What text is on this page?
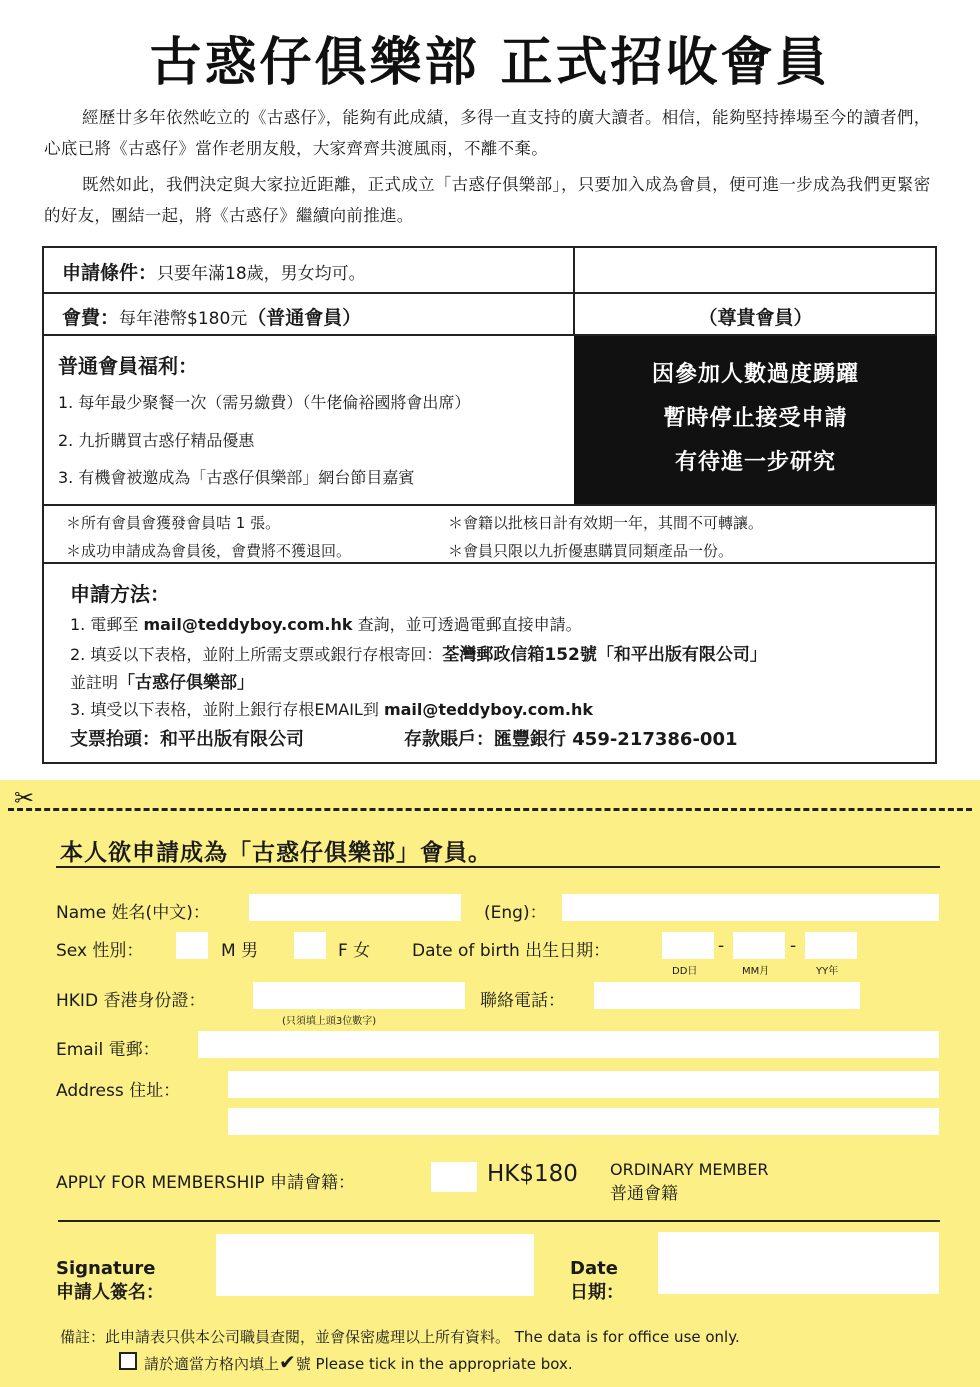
古惑仔俱樂部 正式招收會員

經歷廿多年依然屹立的《古惑仔》，能夠有此成績，多得一直支持的廣大讀者。相信，能夠堅持捧場至今的讀者們，心底已將《古惑仔》當作老朋友般，大家齊齊共渡風雨，不離不棄。

既然如此，我們決定與大家拉近距離，正式成立「古惑仔俱樂部」，只要加入成為會員，便可進一步成為我們更緊密的好友，團結一起，將《古惑仔》繼續向前推進。

申請條件：只要年滿18歲，男女均可。
會費：每年港幣$180元（普通會員）	（尊貴會員）
普通會員福利：
1. 每年最少聚餐一次（需另繳費）（牛佬倫裕國將會出席）
2. 九折購買古惑仔精品優惠
3. 有機會被邀成為「古惑仔俱樂部」網台節目嘉賓
因參加人數過度踴躍
暫時停止接受申請
有待進一步研究
＊所有會員會獲發會員咭 1 張。	＊會籍以批核日計有效期一年，其間不可轉讓。
＊成功申請成為會員後，會費將不獲退回。	＊會員只限以九折優惠購買同類產品一份。
申請方法：
1. 電郵至 mail@teddyboy.com.hk 查詢，並可透過電郵直接申請。
2. 填妥以下表格，並附上所需支票或銀行存根寄回：荃灣郵政信箱152號「和平出版有限公司」
並註明「古惑仔俱樂部」
3. 填受以下表格，並附上銀行存根EMAIL到 mail@teddyboy.com.hk
支票抬頭：和平出版有限公司	存款賬戶：匯豐銀行 459-217386-001
✂
本人欲申請成為「古惑仔俱樂部」會員。
Name 姓名(中文)：	(Eng)：
Sex 性別：	M 男	F 女 Date of birth 出生日期：	-	-
DD日	MM月	YY年
HKID 香港身份證：
(只須填上頭3位數字)
聯絡電話：
Email 電郵：
Address 住址：
APPLY FOR MEMBERSHIP 申請會籍：	HK$180 ORDINARY MEMBER
普通會籍
Signature
申請人簽名：
Date
日期：
備註：此申請表只供本公司職員查閱，並會保密處理以上所有資料。 The data is for office use only.
請於適當方格內填上✔號 Please tick in the appropriate box.
